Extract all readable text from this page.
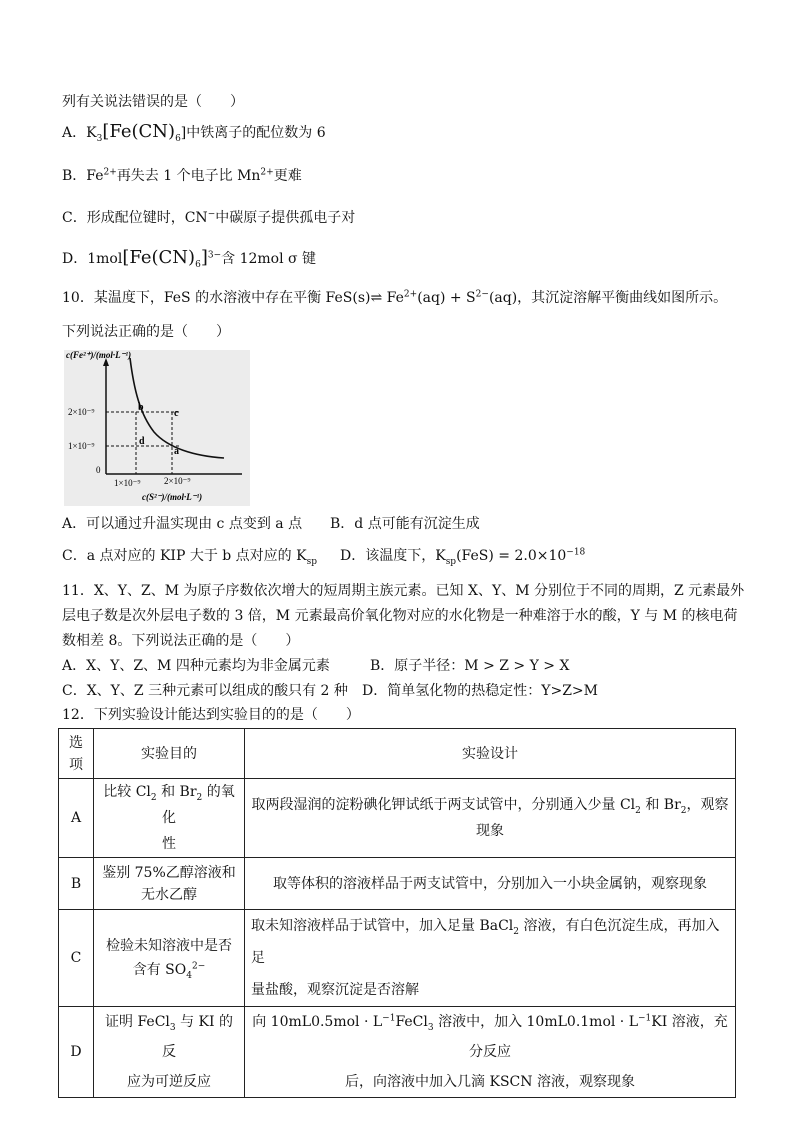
列有关说法错误的是（　　）
A．$K_3[Fe(CN)_6]$中铁离子的配位数为 6
B．$Fe^{2+}$再失去 1 个电子比 $Mn^{2+}$更难
C．形成配位键时，CN−中碳原子提供孤电子对
D．$1mol[Fe(CN)_6]^{3-}$含 12mol σ 键
10．某温度下，FeS 的水溶液中存在平衡 FeS(s)⇌ $Fe^{2+}(aq) + S^{2-}(aq)$，其沉淀溶解平衡曲线如图所示。
下列说法正确的是（　　）
c(Fe²⁺)/(mol·L⁻¹)
2×10⁻⁹
1×10⁻⁹
0
1×10⁻⁹	2×10⁻⁹
c(S²⁻)/(mol·L⁻¹)
a
b
c
d
A．可以通过升温实现由 c 点变到 a 点 B．d 点可能有沉淀生成
C．a 点对应的 KIP 大于 b 点对应的 $K_{sp}$ D．该温度下，$K_{sp}(FeS) = 2.0\times 10^{-18}$
11．X、Y、Z、M 为原子序数依次增大的短周期主族元素。已知 X、Y、M 分别位于不同的周期，Z 元素最外
层电子数是次外层电子数的 3 倍，M 元素最高价氧化物对应的水化物是一种难溶于水的酸，Y 与 M 的核电荷
数相差 8。下列说法正确的是（　　）
A．X、Y、Z、M 四种元素均为非金属元素	B．原子半径：M > Z > Y > X
C．X、Y、Z 三种元素可以组成的酸只有 2 种 D．简单氢化物的热稳定性：Y>Z>M
12．下列实验设计能达到实验目的的是（　　）
选项	实验目的	实验设计
A	比较 $Cl_2$ 和 $Br_2$ 的氧化
性	取两段湿润的淀粉碘化钾试纸于两支试管中，分别通入少量 $Cl_2$ 和 $Br_2$，观察
现象
B	鉴别 75%乙醇溶液和
无水乙醇	取等体积的溶液样品于两支试管中，分别加入一小块金属钠，观察现象
C	检验未知溶液中是否
含有 $SO_4^{2-}$	取未知溶液样品于试管中，加入足量 BaCl$_2$ 溶液，有白色沉淀生成，再加入足
量盐酸，观察沉淀是否溶解
D	证明 FeCl$_3$ 与 KI 的反
应为可逆反应	向 $10mL0.5mol \cdot L^{-1}FeCl_3$ 溶液中，加入 $10mL0.1mol \cdot L^{-1}KI$ 溶液，充分反应
后，向溶液中加入几滴 KSCN 溶液，观察现象
